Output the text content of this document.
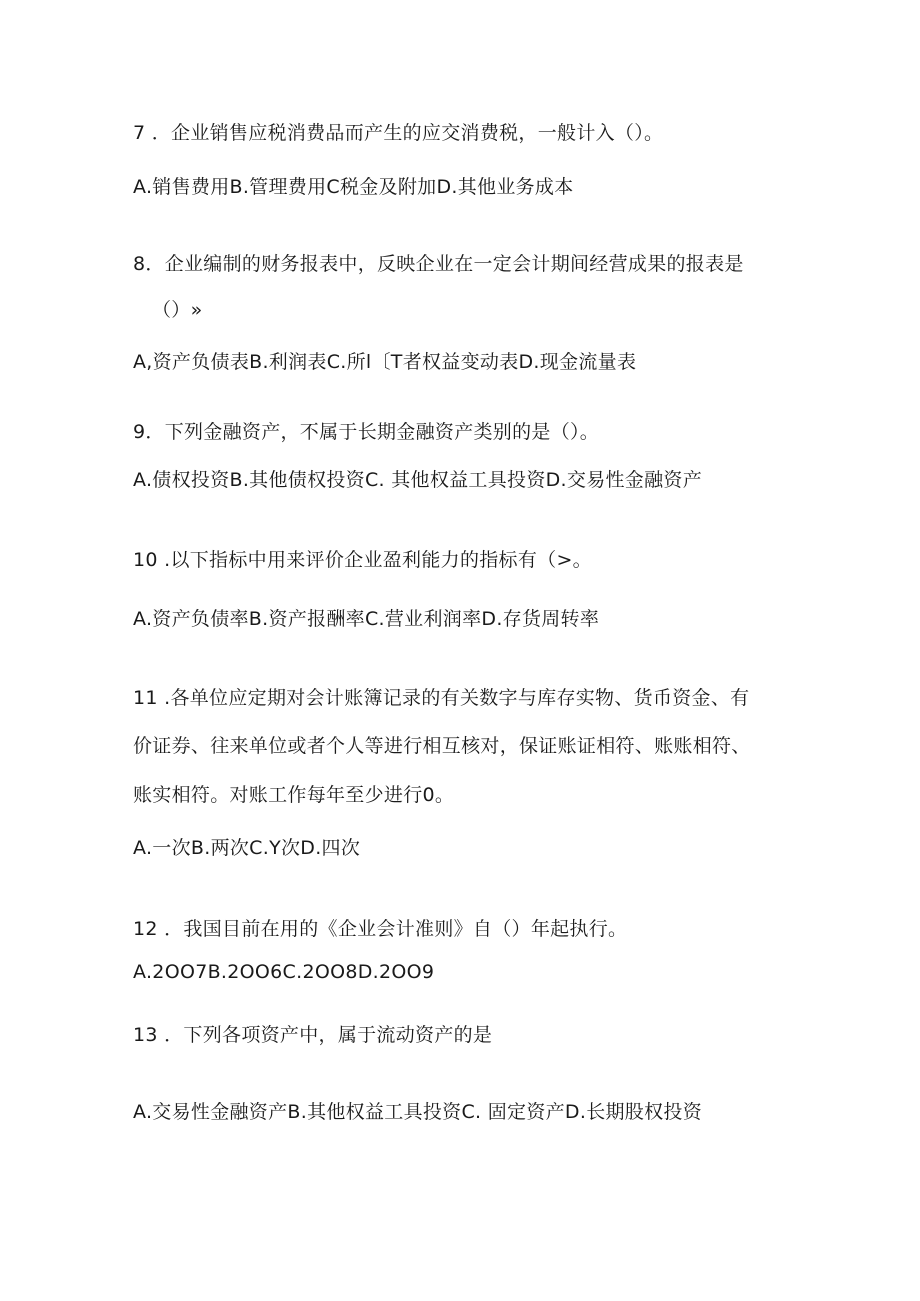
7 ．企业销售应税消费品而产生的应交消费税，一般计入（）。
A.销售费用B.管理费用C税金及附加D.其他业务成本
8．企业编制的财务报表中，反映企业在一定会计期间经营成果的报表是
（）»
A,资产负债表B.利润表C.所l〔T者权益变动表D.现金流量表
9．下列金融资产，不属于长期金融资产类别的是（）。
A.债权投资B.其他债权投资C. 其他权益工具投资D.交易性金融资产
10 .以下指标中用来评价企业盈利能力的指标有（>。
A.资产负债率B.资产报酬率C.营业利润率D.存货周转率
11 .各单位应定期对会计账簿记录的有关数字与库存实物、货币资金、有
价证券、往来单位或者个人等进行相互核对，保证账证相符、账账相符、
账实相符。对账工作每年至少进行0。
A.一次B.两次C.Y次D.四次
12 ．我国目前在用的《企业会计准则》自（）年起执行。
A.2OO7B.2OO6C.2OO8D.2OO9
13 ．下列各项资产中，属于流动资产的是
A.交易性金融资产B.其他权益工具投资C. 固定资产D.长期股权投资
